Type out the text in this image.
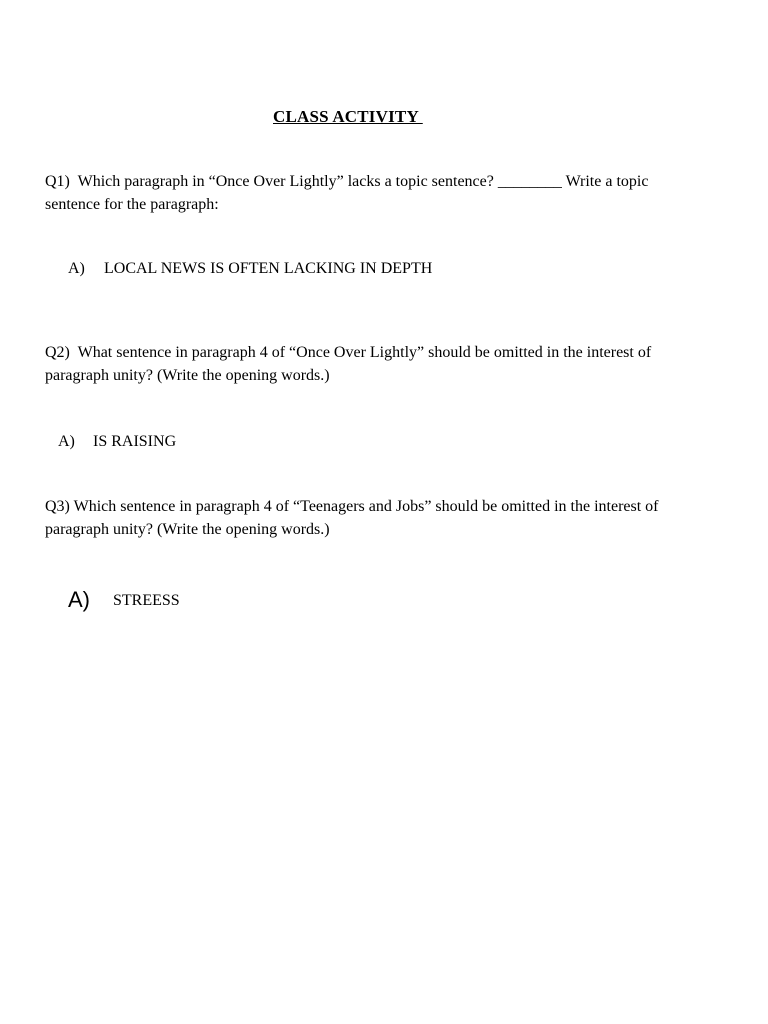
CLASS ACTIVITY

Q1)  Which paragraph in “Once Over Lightly” lacks a topic sentence? ________ Write a topic

sentence for the paragraph:

A) LOCAL NEWS IS OFTEN LACKING IN DEPTH

Q2)  What sentence in paragraph 4 of “Once Over Lightly” should be omitted in the interest of

paragraph unity? (Write the opening words.)

A) IS RAISING

Q3) Which sentence in paragraph 4 of “Teenagers and Jobs” should be omitted in the interest of

paragraph unity? (Write the opening words.)

A) STREESS
